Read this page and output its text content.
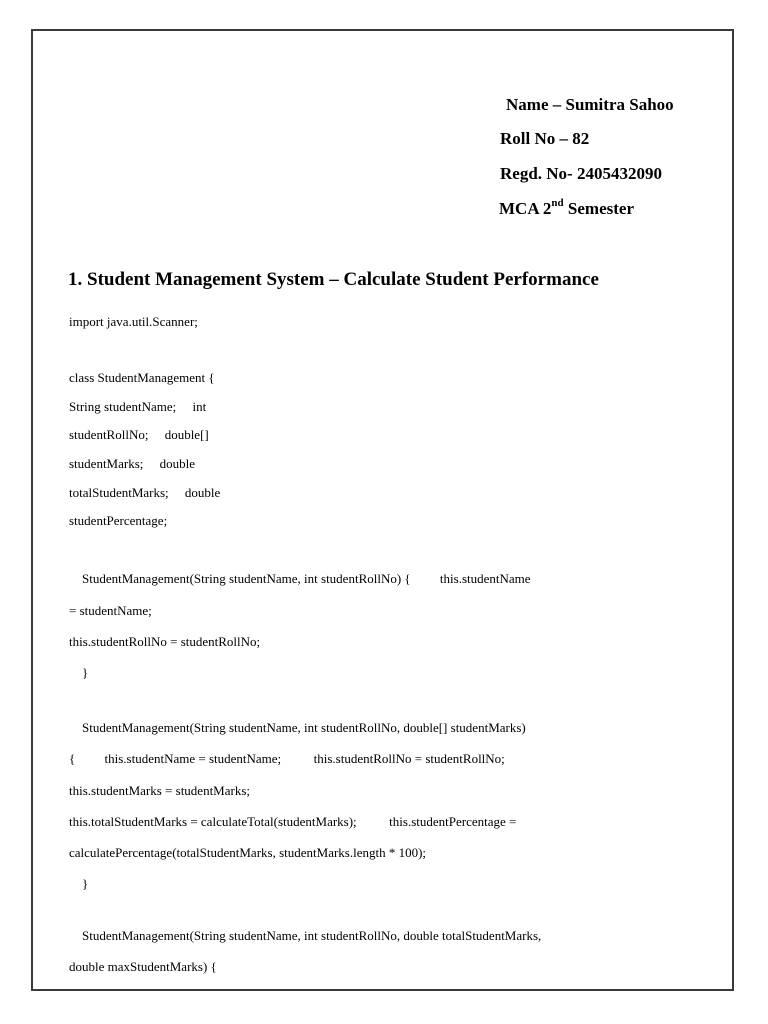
Name – Sumitra Sahoo
Roll No – 82
Regd. No- 2405432090
MCA 2nd Semester
1. Student Management System – Calculate Student Performance
import java.util.Scanner;
class StudentManagement {
String studentName;     int
studentRollNo;     double[]
studentMarks;     double
totalStudentMarks;     double
studentPercentage;
StudentManagement(String studentName, int studentRollNo) {         this.studentName
= studentName;
this.studentRollNo = studentRollNo;
}
StudentManagement(String studentName, int studentRollNo, double[] studentMarks)
{         this.studentName = studentName;          this.studentRollNo = studentRollNo;
this.studentMarks = studentMarks;
this.totalStudentMarks = calculateTotal(studentMarks);          this.studentPercentage =
calculatePercentage(totalStudentMarks, studentMarks.length * 100);
}
StudentManagement(String studentName, int studentRollNo, double totalStudentMarks,
double maxStudentMarks) {
